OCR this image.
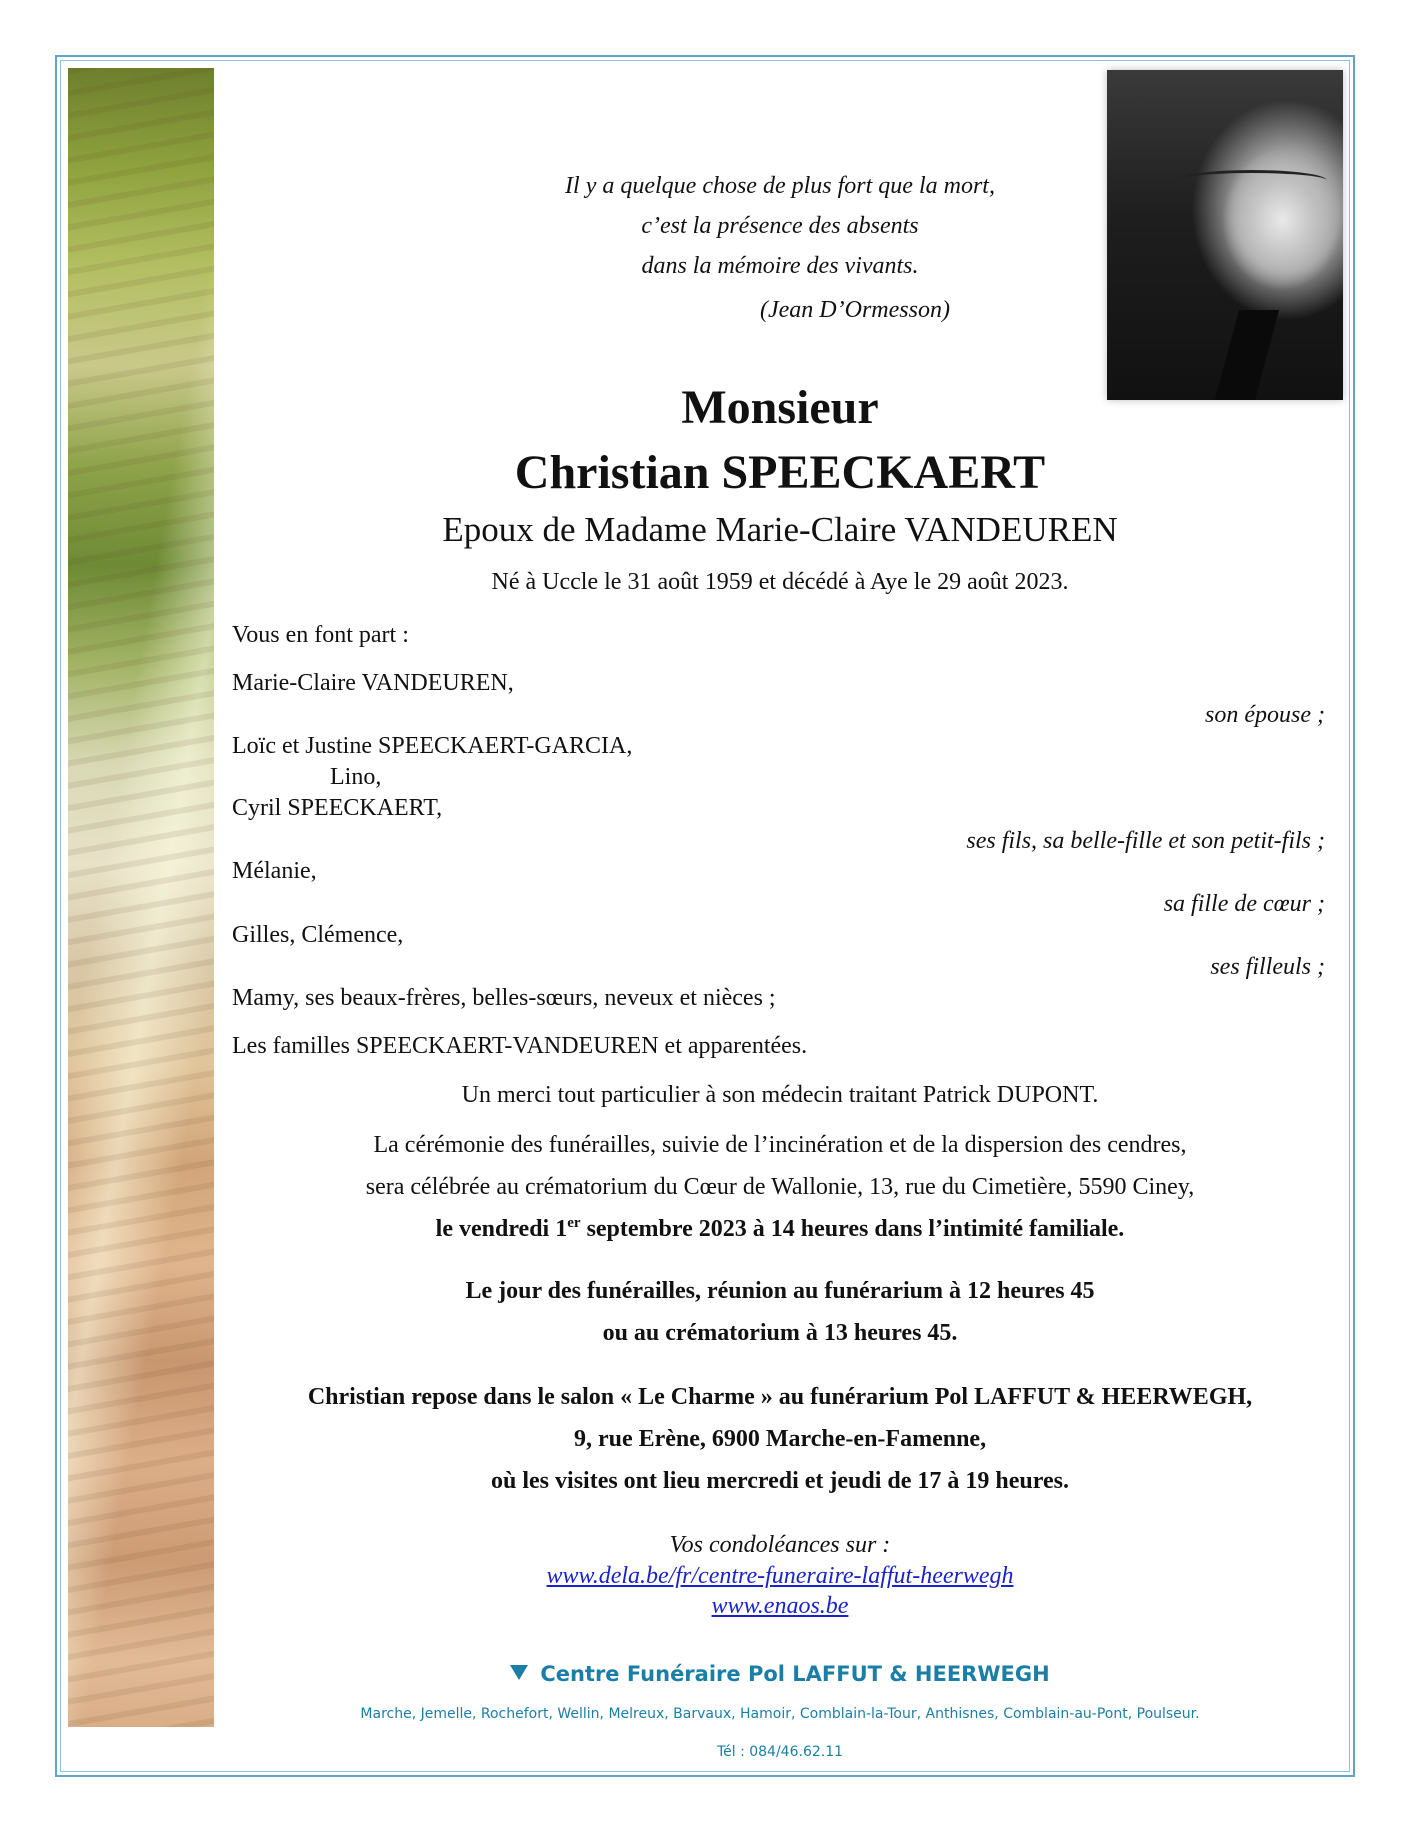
Il y a quelque chose de plus fort que la mort,
c’est la présence des absents
dans la mémoire des vivants.
(Jean D’Ormesson)
Monsieur
Christian SPEECKAERT
Epoux de Madame Marie-Claire VANDEUREN
Né à Uccle le 31 août 1959 et décédé à Aye le 29 août 2023.
Vous en font part :
Marie-Claire VANDEUREN,
son épouse ;
Loïc et Justine SPEECKAERT-GARCIA,
Lino,
Cyril SPEECKAERT,
ses fils, sa belle-fille et son petit-fils ;
Mélanie,
sa fille de cœur ;
Gilles, Clémence,
ses filleuls ;
Mamy, ses beaux-frères, belles-sœurs, neveux et nièces ;
Les familles SPEECKAERT-VANDEUREN et apparentées.
Un merci tout particulier à son médecin traitant Patrick DUPONT.
La cérémonie des funérailles, suivie de l’incinération et de la dispersion des cendres,
sera célébrée au crématorium du Cœur de Wallonie, 13, rue du Cimetière, 5590 Ciney,
le vendredi 1er septembre 2023 à 14 heures dans l’intimité familiale.
Le jour des funérailles, réunion au funérarium à 12 heures 45
ou au crématorium à 13 heures 45.
Christian repose dans le salon « Le Charme » au funérarium Pol LAFFUT & HEERWEGH,
9, rue Erène, 6900 Marche-en-Famenne,
où les visites ont lieu mercredi et jeudi de 17 à 19 heures.
Vos condoléances sur :
www.dela.be/fr/centre-funeraire-laffut-heerwegh
www.enaos.be
Centre Funéraire Pol LAFFUT & HEERWEGH
Marche, Jemelle, Rochefort, Wellin, Melreux, Barvaux, Hamoir, Comblain-la-Tour, Anthisnes, Comblain-au-Pont, Poulseur.
Tél : 084/46.62.11
